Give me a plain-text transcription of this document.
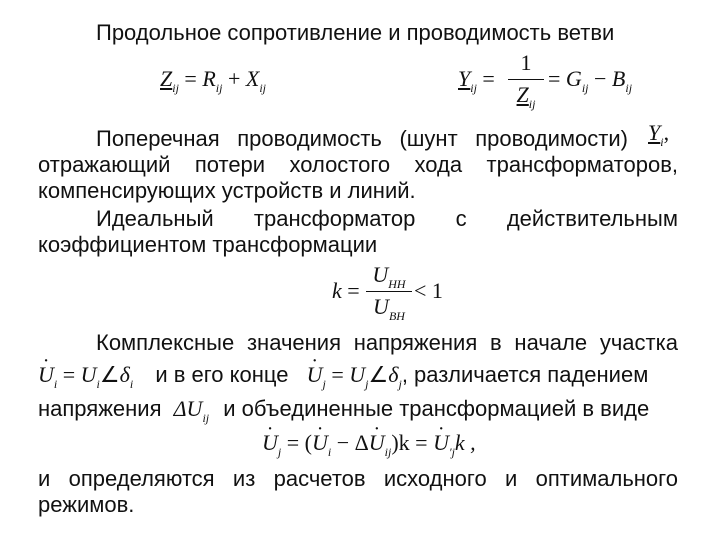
Продольное сопротивление и проводимость ветви
$Z_{ij} = R_{ij} + X_{ij}$	$Y_{ij}$ =
1
$Z_{ij}$
= $G_{ij} - B_{ij}$
Поперечная проводимость (шунт проводимости) $Y_i$,
отражающий потери холостого хода трансформаторов,
компенсирующих устройств и линий.
Идеальный трансформатор с действительным
коэффициентом трансформации
k =
$U_{НН}$
$U_{ВН}$
< 1
Комплексные значения напряжения в начале участка
· $U_i$ = $U_i\angle\delta_i$ и в его конце · $U_j$ = $U_j\angle\delta_j$, различается падением
напряжения $\Delta U_{ij}$ и объединенные трансформацией в виде
· $U_j$ = (· $U_i - \Delta\cdot U_{ij})k$ = · $U_{'j}k$ ,
и определяются из расчетов исходного и оптимального
режимов.
